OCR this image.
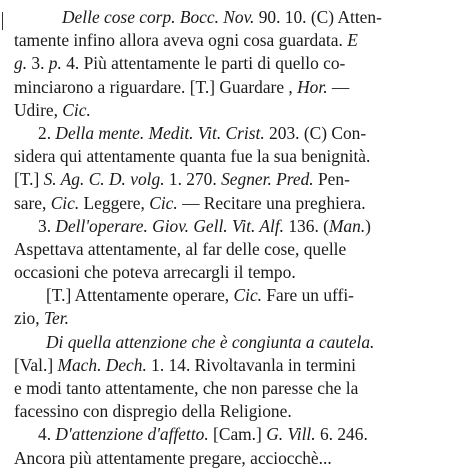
Delle cose corp. Bocc. Nov. 90. 10. (C) Atten-
tamente infino allora aveva ogni cosa guardata. E
g. 3. p. 4. Più attentamente le parti di quello co-
minciarono a riguardare. [T.] Guardare , Hor. —
Udire, Cic.
2. Della mente. Medit. Vit. Crist. 203. (C) Con-
sidera qui attentamente quanta fue la sua benignità.
[T.] S. Ag. C. D. volg. 1. 270. Segner. Pred. Pen-
sare, Cic. Leggere, Cic. — Recitare una preghiera.
3. Dell'operare. Giov. Gell. Vit. Alf. 136. (Man.)
Aspettava attentamente, al far delle cose, quelle
occasioni che poteva arrecargli il tempo.
[T.] Attentamente operare, Cic. Fare un uffi-
zio, Ter.
Di quella attenzione che è congiunta a cautela.
[Val.] Mach. Dech. 1. 14. Rivoltavanla in termini
e modi tanto attentamente, che non paresse che la
facessino con dispregio della Religione.
4. D'attenzione d'affetto. [Cam.] G. Vill. 6. 246.
Ancora più attentamente pregare, acciocchè...
